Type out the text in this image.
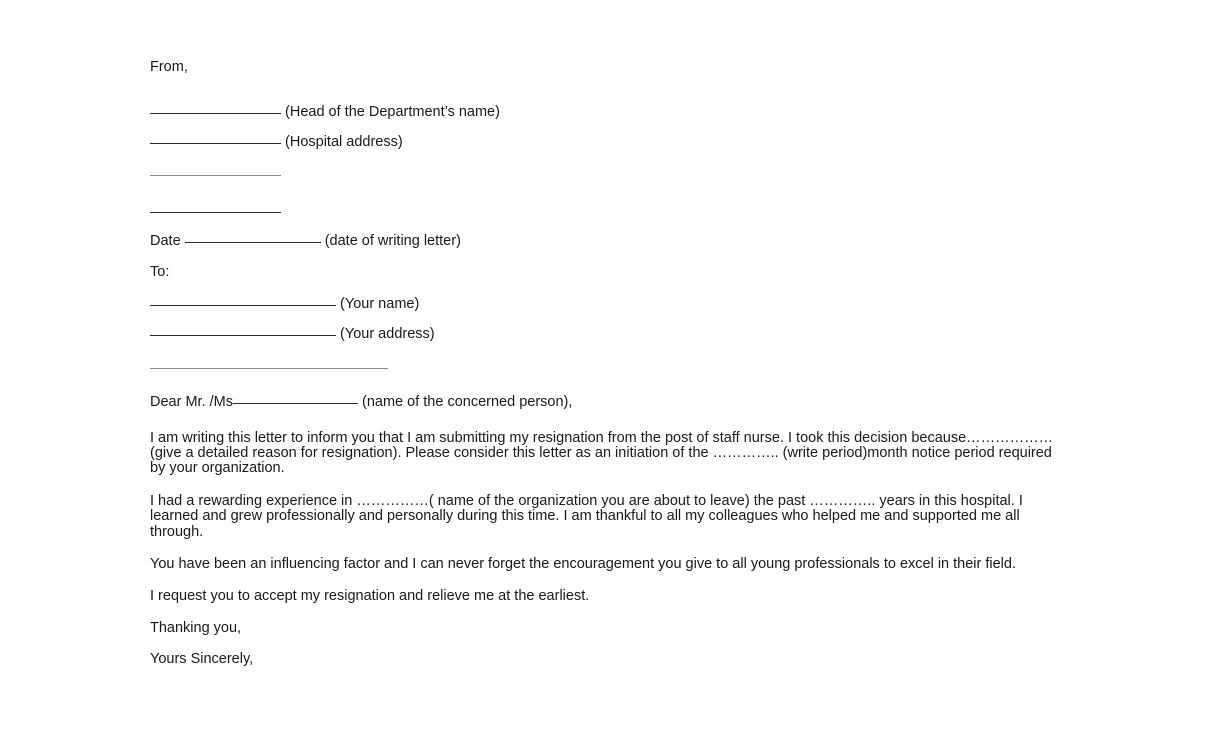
From,
(Head of the Department’s name)
(Hospital address)
Date	(date of writing letter)
To:
(Your name)
(Your address)
Dear Mr. /Ms	(name of the concerned person),
I am writing this letter to inform you that I am submitting my resignation from the post of staff nurse. I took this decision because………………(give a detailed reason for resignation). Please consider this letter as an initiation of the ………….. (write period)month notice period required by your organization.
I had a rewarding experience in ……………( name of the organization you are about to leave) the past ………….. years in this hospital. I learned and grew professionally and personally during this time. I am thankful to all my colleagues who helped me and supported me all through.
You have been an influencing factor and I can never forget the encouragement you give to all young professionals to excel in their field.
I request you to accept my resignation and relieve me at the earliest.
Thanking you,
Yours Sincerely,
